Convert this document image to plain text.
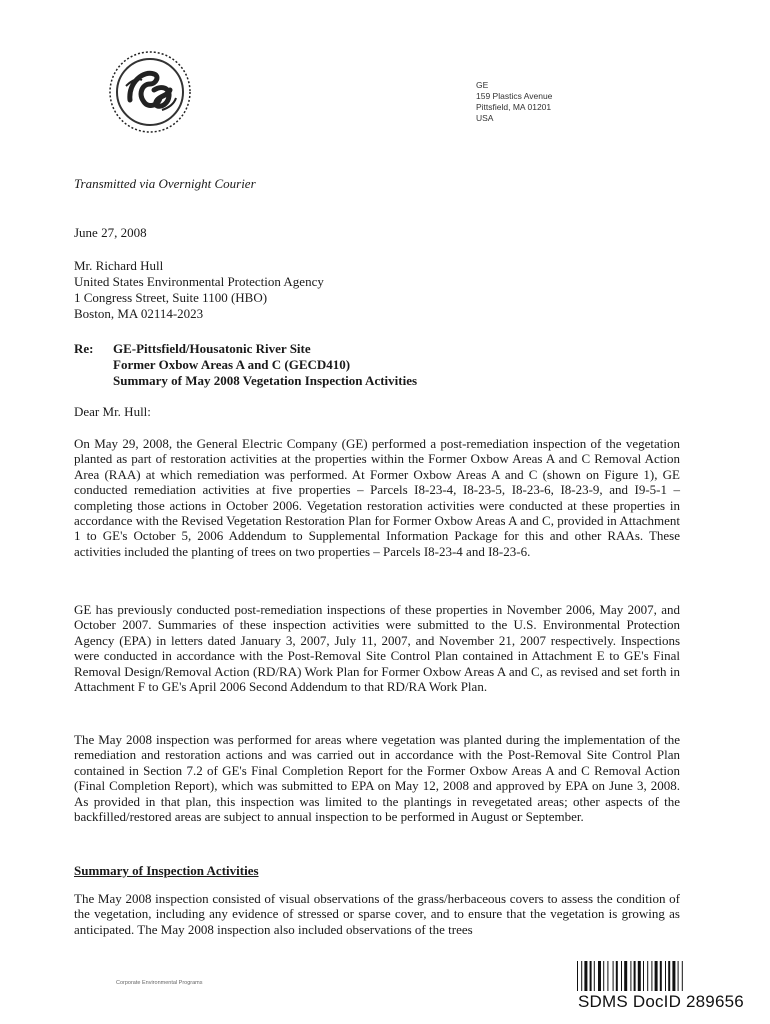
GE
159 Plastics Avenue
Pittsfield, MA 01201
USA
Transmitted via Overnight Courier
June 27, 2008
Mr. Richard Hull
United States Environmental Protection Agency
1 Congress Street, Suite 1100 (HBO)
Boston, MA 02114-2023
Re: GE-Pittsfield/Housatonic River Site
Former Oxbow Areas A and C (GECD410)
Summary of May 2008 Vegetation Inspection Activities
Dear Mr. Hull:
On May 29, 2008, the General Electric Company (GE) performed a post-remediation inspection of the vegetation planted as part of restoration activities at the properties within the Former Oxbow Areas A and C Removal Action Area (RAA) at which remediation was performed. At Former Oxbow Areas A and C (shown on Figure 1), GE conducted remediation activities at five properties – Parcels I8-23-4, I8-23-5, I8-23-6, I8-23-9, and I9-5-1 – completing those actions in October 2006. Vegetation restoration activities were conducted at these properties in accordance with the Revised Vegetation Restoration Plan for Former Oxbow Areas A and C, provided in Attachment 1 to GE's October 5, 2006 Addendum to Supplemental Information Package for this and other RAAs. These activities included the planting of trees on two properties – Parcels I8-23-4 and I8-23-6.
GE has previously conducted post-remediation inspections of these properties in November 2006, May 2007, and October 2007. Summaries of these inspection activities were submitted to the U.S. Environmental Protection Agency (EPA) in letters dated January 3, 2007, July 11, 2007, and November 21, 2007 respectively. Inspections were conducted in accordance with the Post-Removal Site Control Plan contained in Attachment E to GE's Final Removal Design/Removal Action (RD/RA) Work Plan for Former Oxbow Areas A and C, as revised and set forth in Attachment F to GE's April 2006 Second Addendum to that RD/RA Work Plan.
The May 2008 inspection was performed for areas where vegetation was planted during the implementation of the remediation and restoration actions and was carried out in accordance with the Post-Removal Site Control Plan contained in Section 7.2 of GE's Final Completion Report for the Former Oxbow Areas A and C Removal Action (Final Completion Report), which was submitted to EPA on May 12, 2008 and approved by EPA on June 3, 2008. As provided in that plan, this inspection was limited to the plantings in revegetated areas; other aspects of the backfilled/restored areas are subject to annual inspection to be performed in August or September.
Summary of Inspection Activities
The May 2008 inspection consisted of visual observations of the grass/herbaceous covers to assess the condition of the vegetation, including any evidence of stressed or sparse cover, and to ensure that the vegetation is growing as anticipated. The May 2008 inspection also included observations of the trees
Corporate Environmental Programs
SDMS DocID 289656
